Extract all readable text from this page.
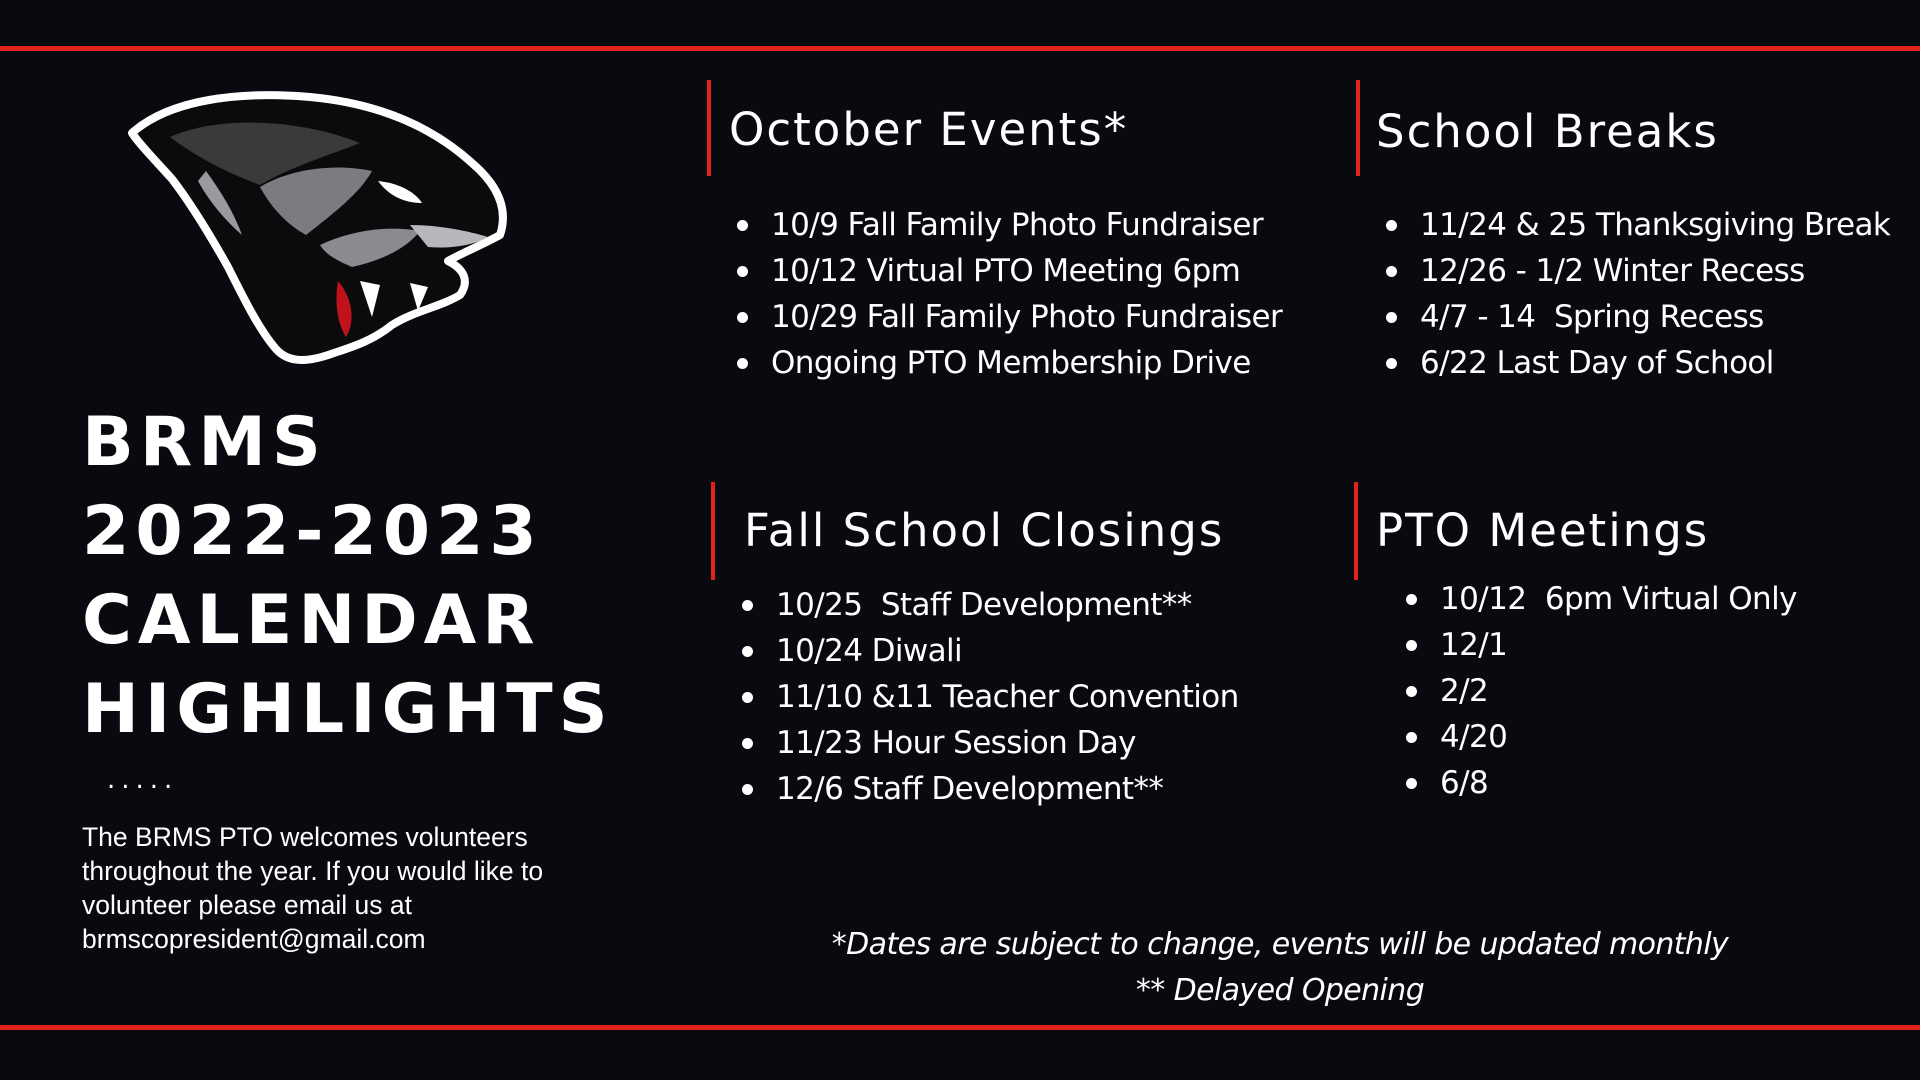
BRMS
2022-2023
CALENDAR
HIGHLIGHTS
.....

The BRMS PTO welcomes volunteers
throughout the year. If you would like to
volunteer please email us at
brmscopresident@gmail.com

October Events*
10/9 Fall Family Photo Fundraiser
10/12 Virtual PTO Meeting 6pm
10/29 Fall Family Photo Fundraiser
Ongoing PTO Membership Drive
School Breaks
11/24 & 25 Thanksgiving Break
12/26 - 1/2 Winter Recess
4/7 - 14  Spring Recess
6/22 Last Day of School
Fall School Closings
10/25  Staff Development**
10/24 Diwali
11/10 &11 Teacher Convention
11/23 Hour Session Day
12/6 Staff Development**
PTO Meetings
10/12  6pm Virtual Only
12/1
2/2
4/20
6/8

*Dates are subject to change, events will be updated monthly
** Delayed Opening
